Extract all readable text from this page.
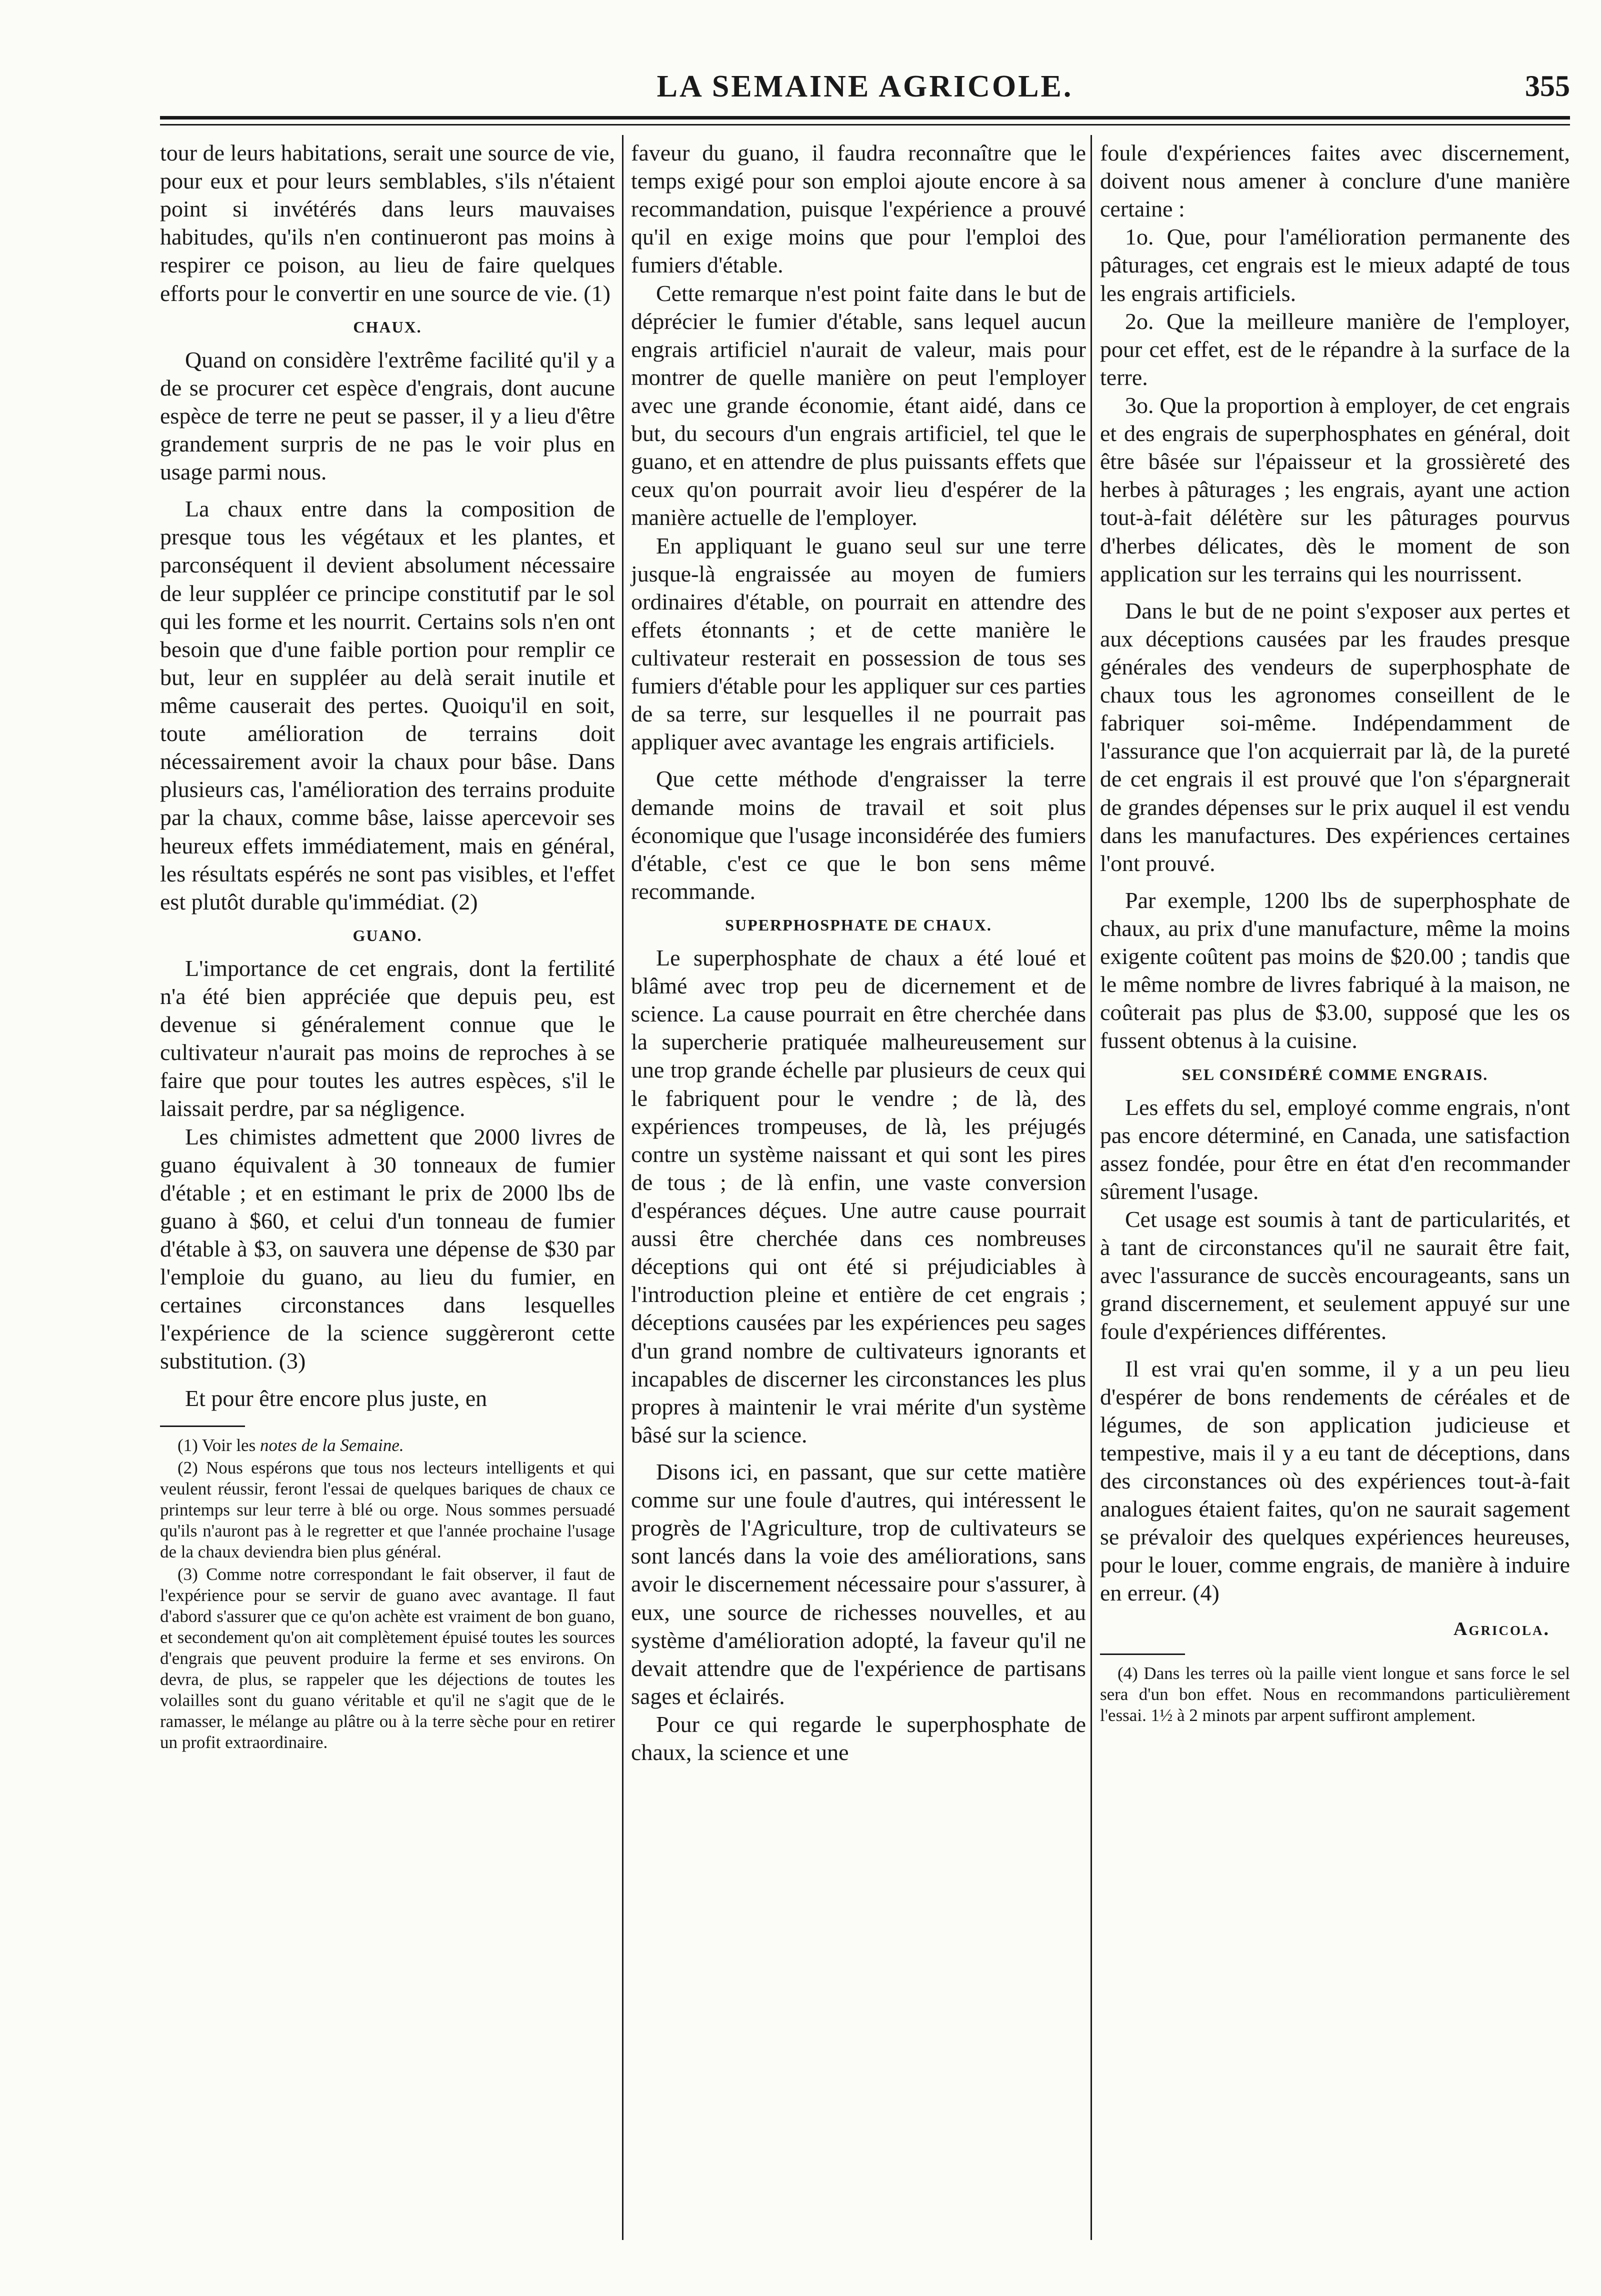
LA SEMAINE AGRICOLE.	355

tour de leurs habitations, serait une source de vie, pour eux et pour leurs semblables, s'ils n'étaient point si invétérés dans leurs mauvaises habitudes, qu'ils n'en continueront pas moins à respirer ce poison, au lieu de faire quelques efforts pour le convertir en une source de vie. (1)

CHAUX.

Quand on considère l'extrême facilité qu'il y a de se procurer cet espèce d'engrais, dont aucune espèce de terre ne peut se passer, il y a lieu d'être grandement surpris de ne pas le voir plus en usage parmi nous.

La chaux entre dans la composition de presque tous les végétaux et les plantes, et parconséquent il devient absolument nécessaire de leur suppléer ce principe constitutif par le sol qui les forme et les nourrit. Certains sols n'en ont besoin que d'une faible portion pour remplir ce but, leur en suppléer au delà serait inutile et même causerait des pertes. Quoiqu'il en soit, toute amélioration de terrains doit nécessairement avoir la chaux pour bâse. Dans plusieurs cas, l'amélioration des terrains produite par la chaux, comme bâse, laisse apercevoir ses heureux effets immédiatement, mais en général, les résultats espérés ne sont pas visibles, et l'effet est plutôt durable qu'immédiat. (2)

GUANO.

L'importance de cet engrais, dont la fertilité n'a été bien appréciée que depuis peu, est devenue si généralement connue que le cultivateur n'aurait pas moins de reproches à se faire que pour toutes les autres espèces, s'il le laissait perdre, par sa négligence.

Les chimistes admettent que 2000 livres de guano équivalent à 30 tonneaux de fumier d'étable ; et en estimant le prix de 2000 lbs de guano à $60, et celui d'un tonneau de fumier d'étable à $3, on sauvera une dépense de $30 par l'emploie du guano, au lieu du fumier, en certaines circonstances dans lesquelles l'expérience de la science suggèreront cette substitution. (3)

Et pour être encore plus juste, en

(1) Voir les notes de la Semaine.

(2) Nous espérons que tous nos lecteurs intelligents et qui veulent réussir, feront l'essai de quelques bariques de chaux ce printemps sur leur terre à blé ou orge. Nous sommes persuadé qu'ils n'auront pas à le regretter et que l'année prochaine l'usage de la chaux deviendra bien plus général.

(3) Comme notre correspondant le fait observer, il faut de l'expérience pour se servir de guano avec avantage. Il faut d'abord s'assurer que ce qu'on achète est vraiment de bon guano, et secondement qu'on ait complètement épuisé toutes les sources d'engrais que peuvent produire la ferme et ses environs. On devra, de plus, se rappeler que les déjections de toutes les volailles sont du guano véritable et qu'il ne s'agit que de le ramasser, le mélange au plâtre ou à la terre sèche pour en retirer un profit extraordinaire.

faveur du guano, il faudra reconnaître que le temps exigé pour son emploi ajoute encore à sa recommandation, puisque l'expérience a prouvé qu'il en exige moins que pour l'emploi des fumiers d'étable.

Cette remarque n'est point faite dans le but de déprécier le fumier d'étable, sans lequel aucun engrais artificiel n'aurait de valeur, mais pour montrer de quelle manière on peut l'employer avec une grande économie, étant aidé, dans ce but, du secours d'un engrais artificiel, tel que le guano, et en attendre de plus puissants effets que ceux qu'on pourrait avoir lieu d'espérer de la manière actuelle de l'employer.

En appliquant le guano seul sur une terre jusque-là engraissée au moyen de fumiers ordinaires d'étable, on pourrait en attendre des effets étonnants ; et de cette manière le cultivateur resterait en possession de tous ses fumiers d'étable pour les appliquer sur ces parties de sa terre, sur lesquelles il ne pourrait pas appliquer avec avantage les engrais artificiels.

Que cette méthode d'engraisser la terre demande moins de travail et soit plus économique que l'usage inconsidérée des fumiers d'étable, c'est ce que le bon sens même recommande.

SUPERPHOSPHATE DE CHAUX.

Le superphosphate de chaux a été loué et blâmé avec trop peu de dicernement et de science. La cause pourrait en être cherchée dans la supercherie pratiquée malheureusement sur une trop grande échelle par plusieurs de ceux qui le fabriquent pour le vendre ; de là, des expériences trompeuses, de là, les préjugés contre un système naissant et qui sont les pires de tous ; de là enfin, une vaste conversion d'espérances déçues. Une autre cause pourrait aussi être cherchée dans ces nombreuses déceptions qui ont été si préjudiciables à l'introduction pleine et entière de cet engrais ; déceptions causées par les expériences peu sages d'un grand nombre de cultivateurs ignorants et incapables de discerner les circonstances les plus propres à maintenir le vrai mérite d'un système bâsé sur la science.

Disons ici, en passant, que sur cette matière comme sur une foule d'autres, qui intéressent le progrès de l'Agriculture, trop de cultivateurs se sont lancés dans la voie des améliorations, sans avoir le discernement nécessaire pour s'assurer, à eux, une source de richesses nouvelles, et au système d'amélioration adopté, la faveur qu'il ne devait attendre que de l'expérience de partisans sages et éclairés.

Pour ce qui regarde le superphosphate de chaux, la science et une

foule d'expériences faites avec discernement, doivent nous amener à conclure d'une manière certaine :

1o. Que, pour l'amélioration permanente des pâturages, cet engrais est le mieux adapté de tous les engrais artificiels.

2o. Que la meilleure manière de l'employer, pour cet effet, est de le répandre à la surface de la terre.

3o. Que la proportion à employer, de cet engrais et des engrais de superphosphates en général, doit être bâsée sur l'épaisseur et la grossièreté des herbes à pâturages ; les engrais, ayant une action tout-à-fait délétère sur les pâturages pourvus d'herbes délicates, dès le moment de son application sur les terrains qui les nourrissent.

Dans le but de ne point s'exposer aux pertes et aux déceptions causées par les fraudes presque générales des vendeurs de superphosphate de chaux tous les agronomes conseillent de le fabriquer soi-même. Indépendamment de l'assurance que l'on acquierrait par là, de la pureté de cet engrais il est prouvé que l'on s'épargnerait de grandes dépenses sur le prix auquel il est vendu dans les manufactures. Des expériences certaines l'ont prouvé.

Par exemple, 1200 lbs de superphosphate de chaux, au prix d'une manufacture, même la moins exigente coûtent pas moins de $20.00 ; tandis que le même nombre de livres fabriqué à la maison, ne coûterait pas plus de $3.00, supposé que les os fussent obtenus à la cuisine.

SEL CONSIDÉRÉ COMME ENGRAIS.

Les effets du sel, employé comme engrais, n'ont pas encore déterminé, en Canada, une satisfaction assez fondée, pour être en état d'en recommander sûrement l'usage.

Cet usage est soumis à tant de particularités, et à tant de circonstances qu'il ne saurait être fait, avec l'assurance de succès encourageants, sans un grand discernement, et seulement appuyé sur une foule d'expériences différentes.

Il est vrai qu'en somme, il y a un peu lieu d'espérer de bons rendements de céréales et de légumes, de son application judicieuse et tempestive, mais il y a eu tant de déceptions, dans des circonstances où des expériences tout-à-fait analogues étaient faites, qu'on ne saurait sagement se prévaloir des quelques expériences heureuses, pour le louer, comme engrais, de manière à induire en erreur. (4)

Agricola.

(4) Dans les terres où la paille vient longue et sans force le sel sera d'un bon effet. Nous en recommandons particulièrement l'essai. 1½ à 2 minots par arpent suffiront amplement.
